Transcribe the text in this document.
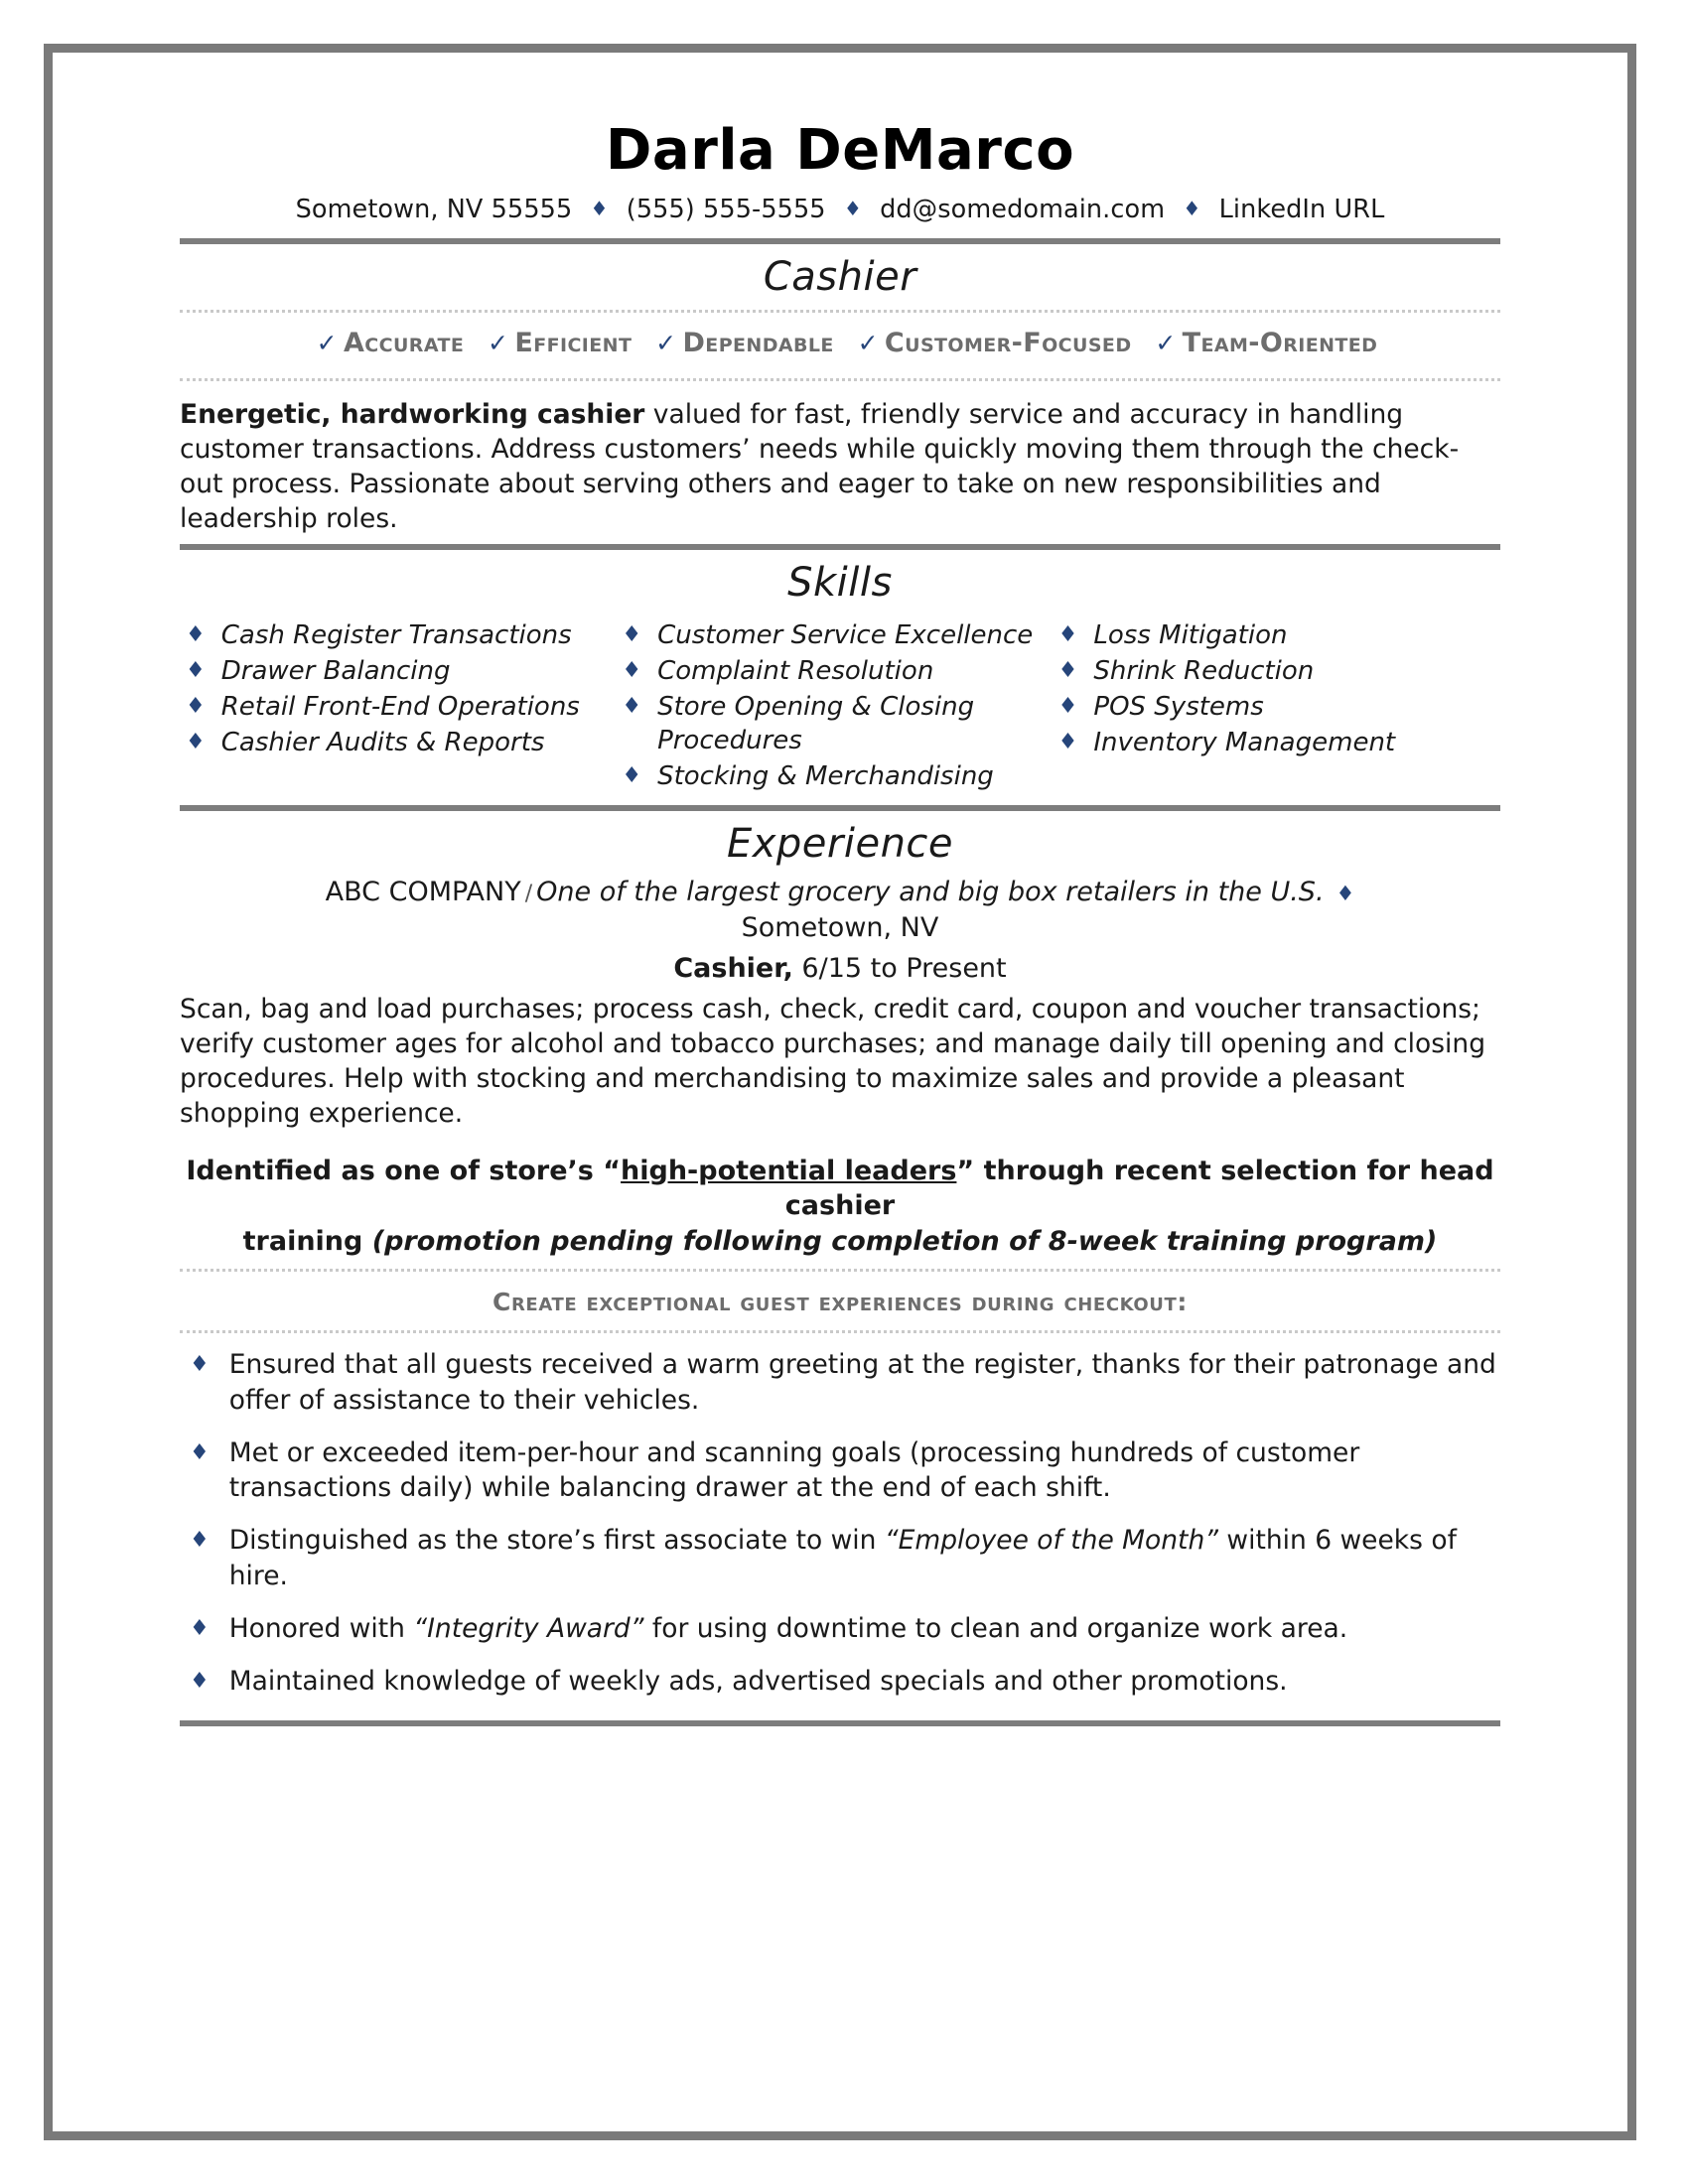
Darla DeMarco
Sometown, NV 55555 ♦ (555) 555-5555 ♦ dd@somedomain.com ♦ LinkedIn URL
Cashier
✓ Accurate ✓ Efficient ✓ Dependable ✓ Customer-Focused ✓ Team-Oriented
Energetic, hardworking cashier valued for fast, friendly service and accuracy in handling customer transactions. Address customers’ needs while quickly moving them through the check-out process. Passionate about serving others and eager to take on new responsibilities and leadership roles.
Skills
♦ Cash Register Transactions
♦ Drawer Balancing
♦ Retail Front-End Operations
♦ Cashier Audits & Reports
♦ Customer Service Excellence
♦ Complaint Resolution
♦ Store Opening & Closing Procedures
♦ Stocking & Merchandising
♦ Loss Mitigation
♦ Shrink Reduction
♦ POS Systems
♦ Inventory Management
Experience
ABC COMPANY / One of the largest grocery and big box retailers in the U.S. ♦
Sometown, NV
Cashier, 6/15 to Present
Scan, bag and load purchases; process cash, check, credit card, coupon and voucher transactions; verify customer ages for alcohol and tobacco purchases; and manage daily till opening and closing procedures. Help with stocking and merchandising to maximize sales and provide a pleasant shopping experience.
Identified as one of store’s “high-potential leaders” through recent selection for head cashier
training (promotion pending following completion of 8-week training program)
Create exceptional guest experiences during checkout:
♦ Ensured that all guests received a warm greeting at the register, thanks for their patronage and offer of assistance to their vehicles.
♦ Met or exceeded item-per-hour and scanning goals (processing hundreds of customer transactions daily) while balancing drawer at the end of each shift.
♦ Distinguished as the store’s first associate to win “Employee of the Month” within 6 weeks of hire.
♦ Honored with “Integrity Award” for using downtime to clean and organize work area.
♦ Maintained knowledge of weekly ads, advertised specials and other promotions.
